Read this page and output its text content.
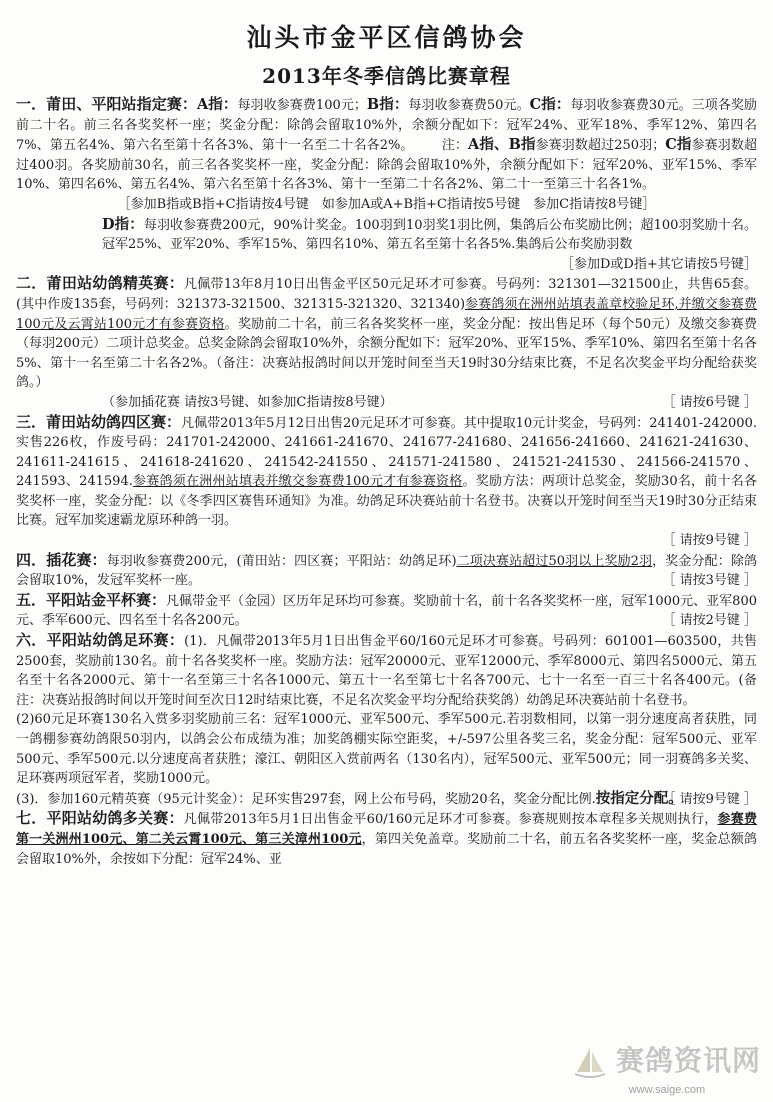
汕头市金平区信鸽协会
2013年冬季信鸽比赛章程

一．莆田、平阳站指定赛：A指：每羽收参赛费100元；B指：每羽收参赛费50元。C指：每羽收参赛费30元。三项各奖励前二十名。前三名各奖奖杯一座；奖金分配：除鸽会留取10%外，余额分配如下：冠军24%、亚军18%、季军12%、第四名7%、第五名4%、第六名至第十名各3%、第十一名至二十名各2%。 注：A指、B指参赛羽数超过250羽；C指参赛羽数超过400羽。各奖励前30名，前三名各奖奖杯一座，奖金分配：除鸽会留取10%外，余额分配如下：冠军20%、亚军15%、季军10%、第四名6%、第五名4%、第六名至第十名各3%、第十一至第二十名各2%、第二十一至第三十名各1%。

［参加B指或B指+C指请按4号键　如参加A或A+B指+C指请按5号键　参加C指请按8号键］

D指：每羽收参赛费200元，90%计奖金。100羽到10羽奖1羽比例，集鸽后公布奖励比例；超100羽奖励十名。冠军25%、亚军20%、季军15%、第四名10%、第五名至第十名各5%.集鸽后公布奖励羽数

［参加D或D指+其它请按5号键］

二．莆田站幼鸽精英赛：凡佩带13年8月10日出售金平区50元足环才可参赛。号码列：321301—321500止，共售65套。(其中作废135套，号码列：321373-321500、321315-321320、321340)参赛鸽须在洲州站填表盖章校验足环,并缴交参赛费100元及云霄站100元才有参赛资格。奖励前二十名，前三名各奖奖杯一座，奖金分配：按出售足环（每个50元）及缴交参赛费（每羽200元）二项计总奖金。总奖金除鸽会留取10%外，余额分配如下：冠军20%、亚军15%、季军10%、第四名至第十名各5%、第十一名至第二十名各2%。（备注：决赛站报鸽时间以开笼时间至当天19时30分结束比赛，不足名次奖金平均分配给获奖鸽。）

（参加插花赛 请按3号键、如参加C指请按8号键）	［ 请按6号键 ］

三．莆田站幼鸽四区赛：凡佩带2013年5月12日出售20元足环才可参赛。其中提取10元计奖金，号码列：241401-242000.实售226枚，作废号码：241701-242000、241661-241670、241677-241680、241656-241660、241621-241630、241611-241615、241618-241620、241542-241550、241571-241580、241521-241530、241566-241570、241593、241594.参赛鸽须在洲州站填表并缴交参赛费100元才有参赛资格。奖励方法：两项计总奖金，奖励30名，前十名各奖奖杯一座，奖金分配：以《冬季四区赛售环通知》为准。幼鸽足环决赛站前十名登书。决赛以开笼时间至当天19时30分正结束比赛。冠军加奖速霸龙原环种鸽一羽。

［ 请按9号键 ］

四．插花赛：每羽收参赛费200元，(莆田站：四区赛；平阳站：幼鸽足环)二项决赛站超过50羽以上奖励2羽，奖金分配：除鸽会留取10%，发冠军奖杯一座。	［ 请按3号键 ］

五．平阳站金平杯赛：凡佩带金平（金园）区历年足环均可参赛。奖励前十名，前十名各奖奖杯一座，冠军1000元、亚军800元、季军600元、四名至十名各200元。	［ 请按2号键 ］

六．平阳站幼鸽足环赛：(1)．凡佩带2013年5月1日出售金平60/160元足环才可参赛。号码列：601001—603500，共售2500套，奖励前130名。前十名各奖奖杯一座。奖励方法：冠军20000元、亚军12000元、季军8000元、第四名5000元、第五名至十名各2000元、第十一名至第三十名各1000元、第五十一名至第七十名各700元、七十一名至一百三十名各400元。(备注：决赛站报鸽时间以开笼时间至次日12时结束比赛，不足名次奖金平均分配给获奖鸽）幼鸽足环决赛站前十名登书。

(2)60元足环赛130名入赏多羽奖励前三名：冠军1000元、亚军500元、季军500元.若羽数相同，以第一羽分速度高者获胜，同一鸽棚参赛幼鸽限50羽内，以鸽会公布成绩为准；加奖鸽棚实际空距奖，+/-597公里各奖三名，奖金分配：冠军500元、亚军500元、季军500元.以分速度高者获胜；濠江、朝阳区入赏前两名（130名内），冠军500元、亚军500元；同一羽赛鸽多关奖、足环赛两项冠军者，奖励1000元。

(3)．参加160元精英赛（95元计奖金）：足环实售297套，网上公布号码，奖励20名，奖金分配比例.按指定分配。

［ 请按9号键 ］

七．平阳站幼鸽多关赛：凡佩带2013年5月1日出售金平60/160元足环才可参赛。参赛规则按本章程多关规则执行，参赛费第一关洲州100元、第二关云霄100元、第三关漳州100元，第四关免盖章。奖励前二十名，前五名各奖奖杯一座，奖金总额鸽会留取10%外，余按如下分配：冠军24%、亚

赛鸽资讯网
www.saige.com
